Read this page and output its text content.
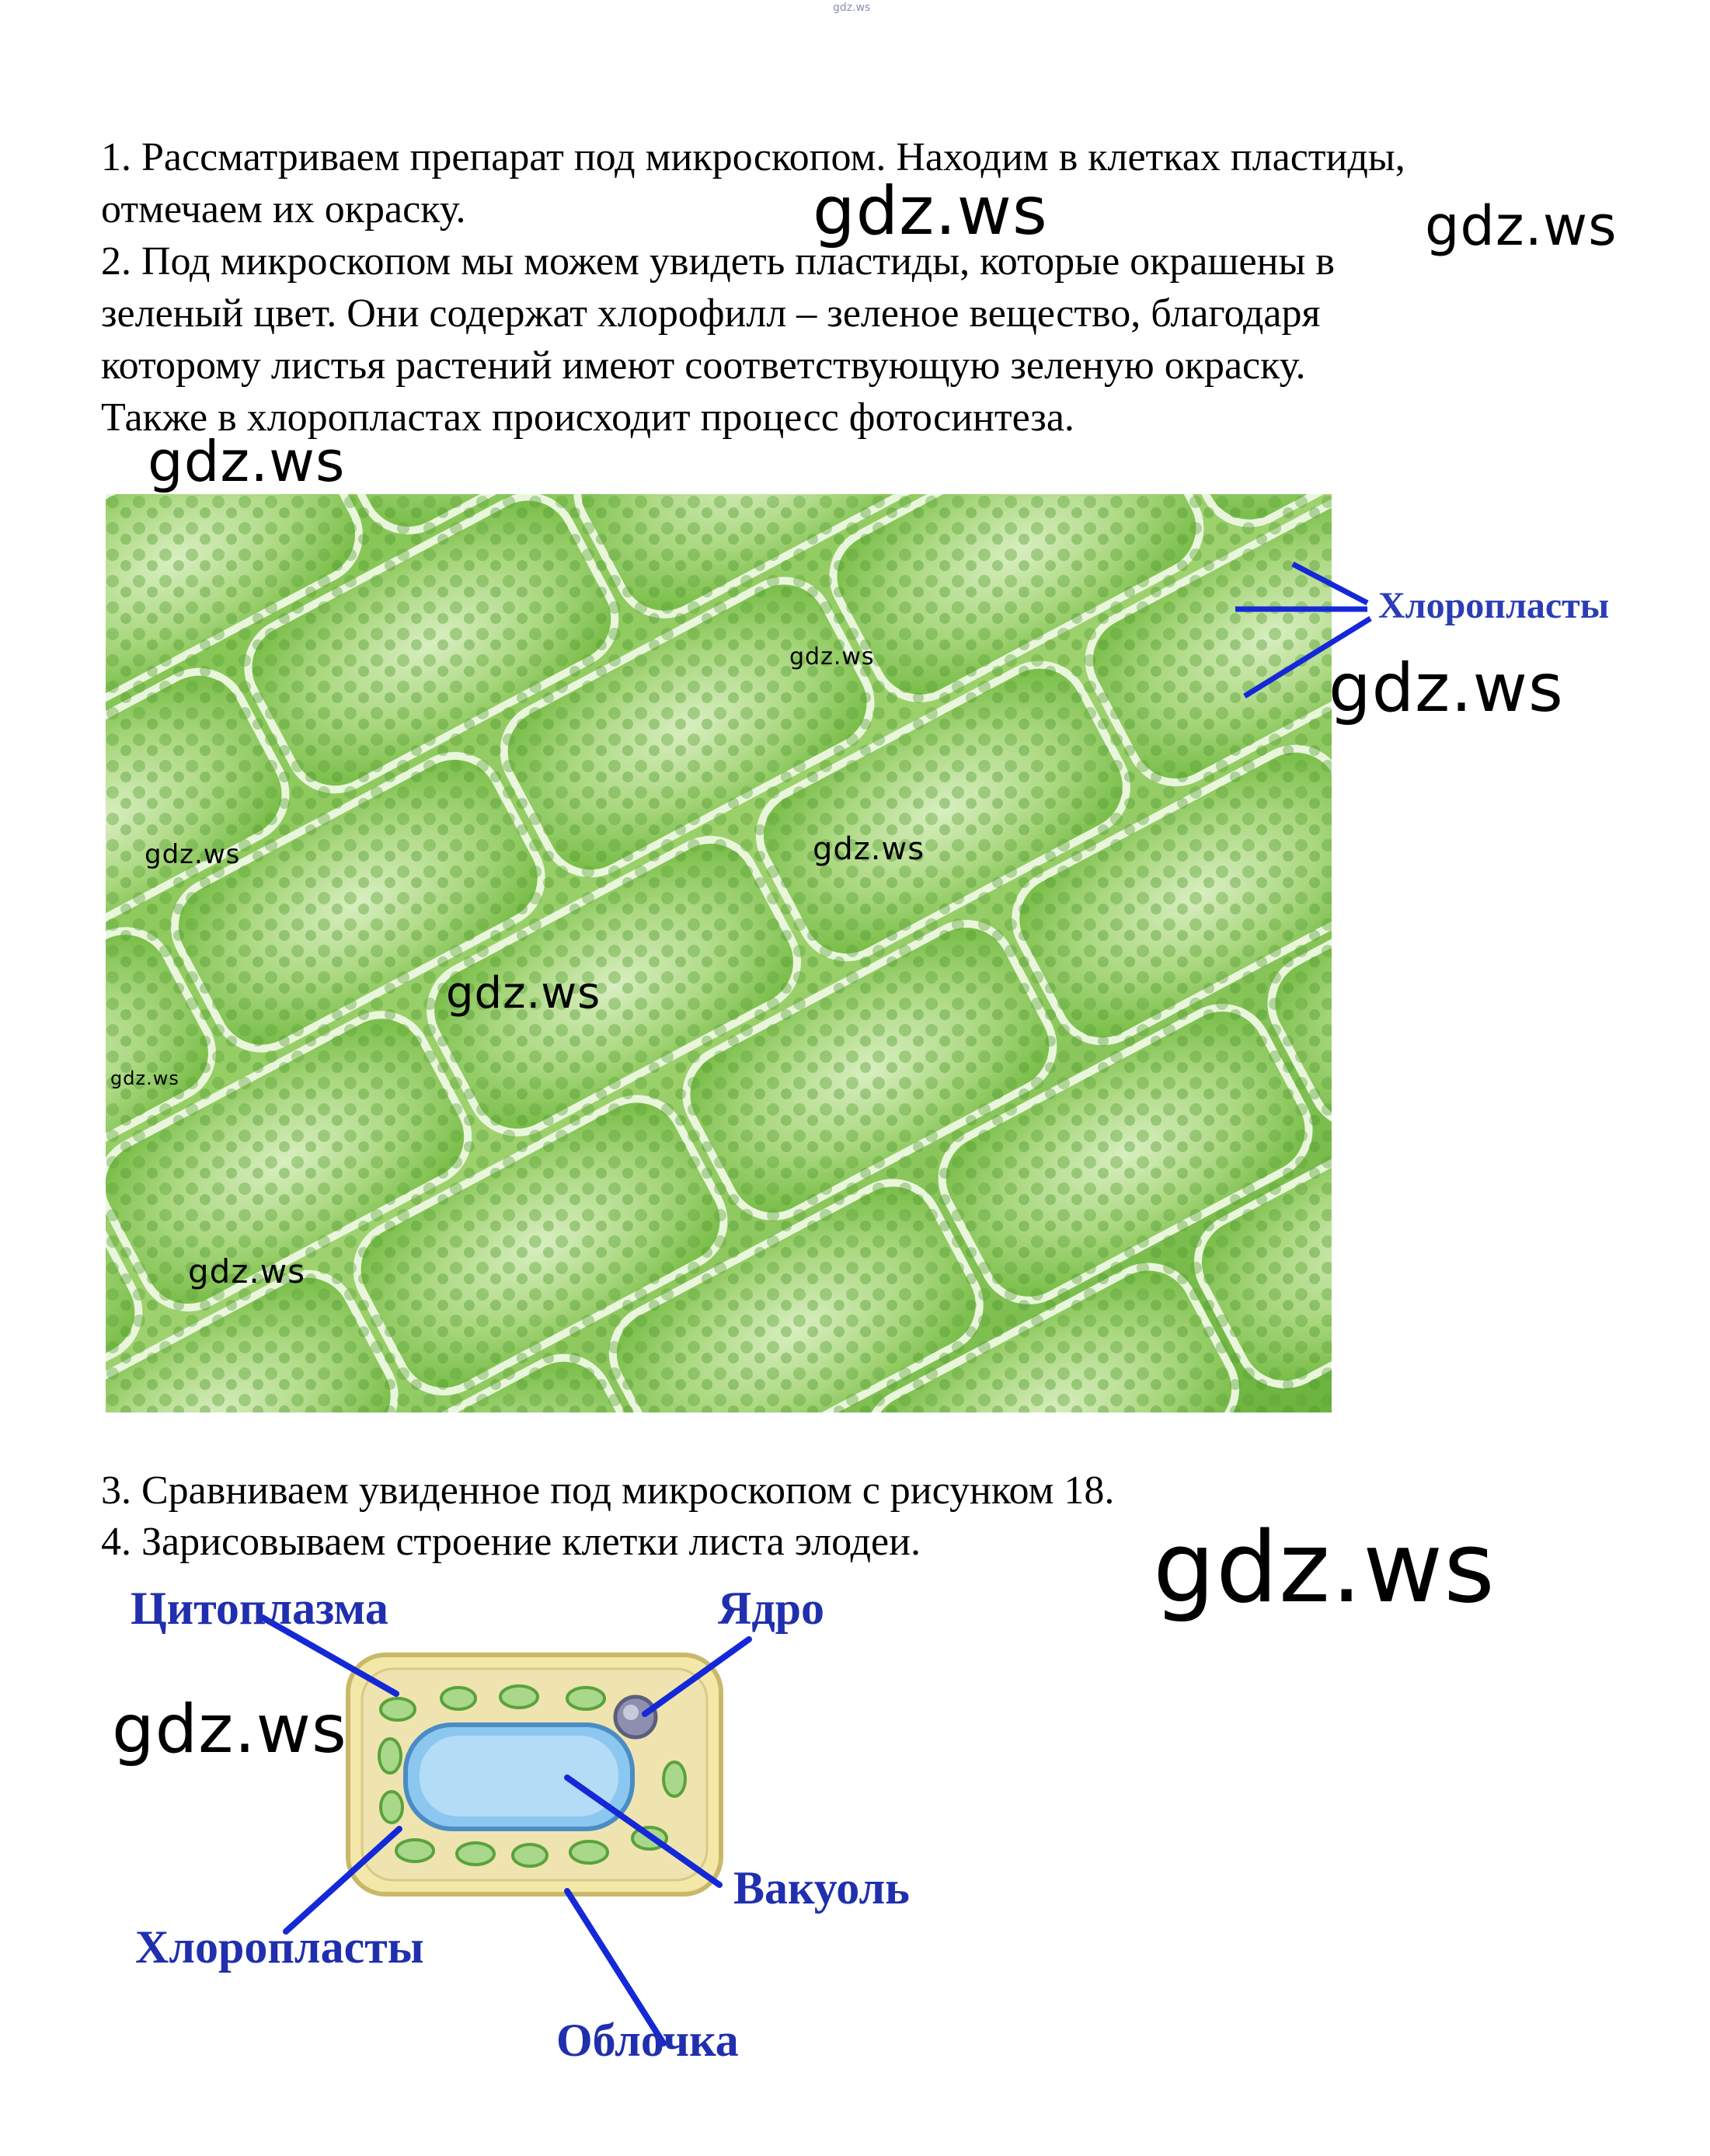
gdz.ws
1. Рассматриваем препарат под микроскопом. Находим в клетках пластиды,
отмечаем их окраску.
2. Под микроскопом мы можем увидеть пластиды, которые окрашены в
зеленый цвет. Они содержат хлорофилл – зеленое вещество, благодаря
которому листья растений имеют соответствующую зеленую окраску.
Также в хлоропластах происходит процесс фотосинтеза.
gdz.ws	gdz.ws
gdz.ws
gdz.ws
gdz.ws
gdz.ws
gdz.ws
gdz.ws
gdz.ws
Хлоропласты
gdz.ws
3. Сравниваем увиденное под микроскопом с рисунком 18.
4. Зарисовываем строение клетки листа элодеи. gdz.ws
Цитоплазма	Ядро
Вакуоль
Хлоропласты
Облочка
gdz.ws
